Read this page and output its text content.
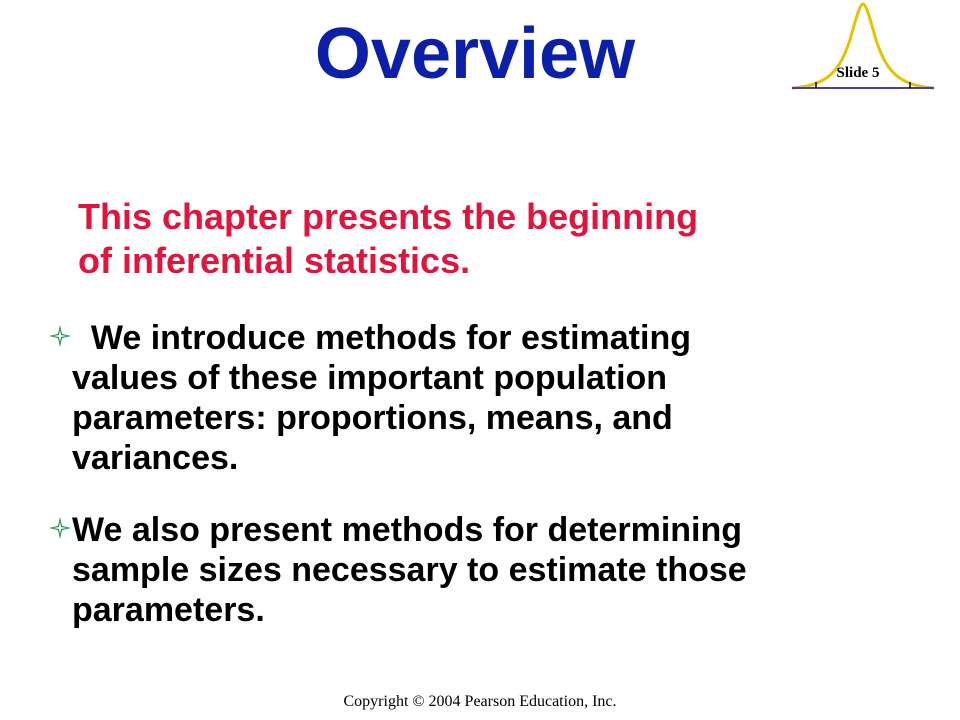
Overview	Slide 5
This chapter presents the beginning
of inferential statistics.
We introduce methods for estimating
values of these important population
parameters: proportions, means, and
variances.
We also present methods for determining
sample sizes necessary to estimate those
parameters.
Copyright © 2004 Pearson Education, Inc.
